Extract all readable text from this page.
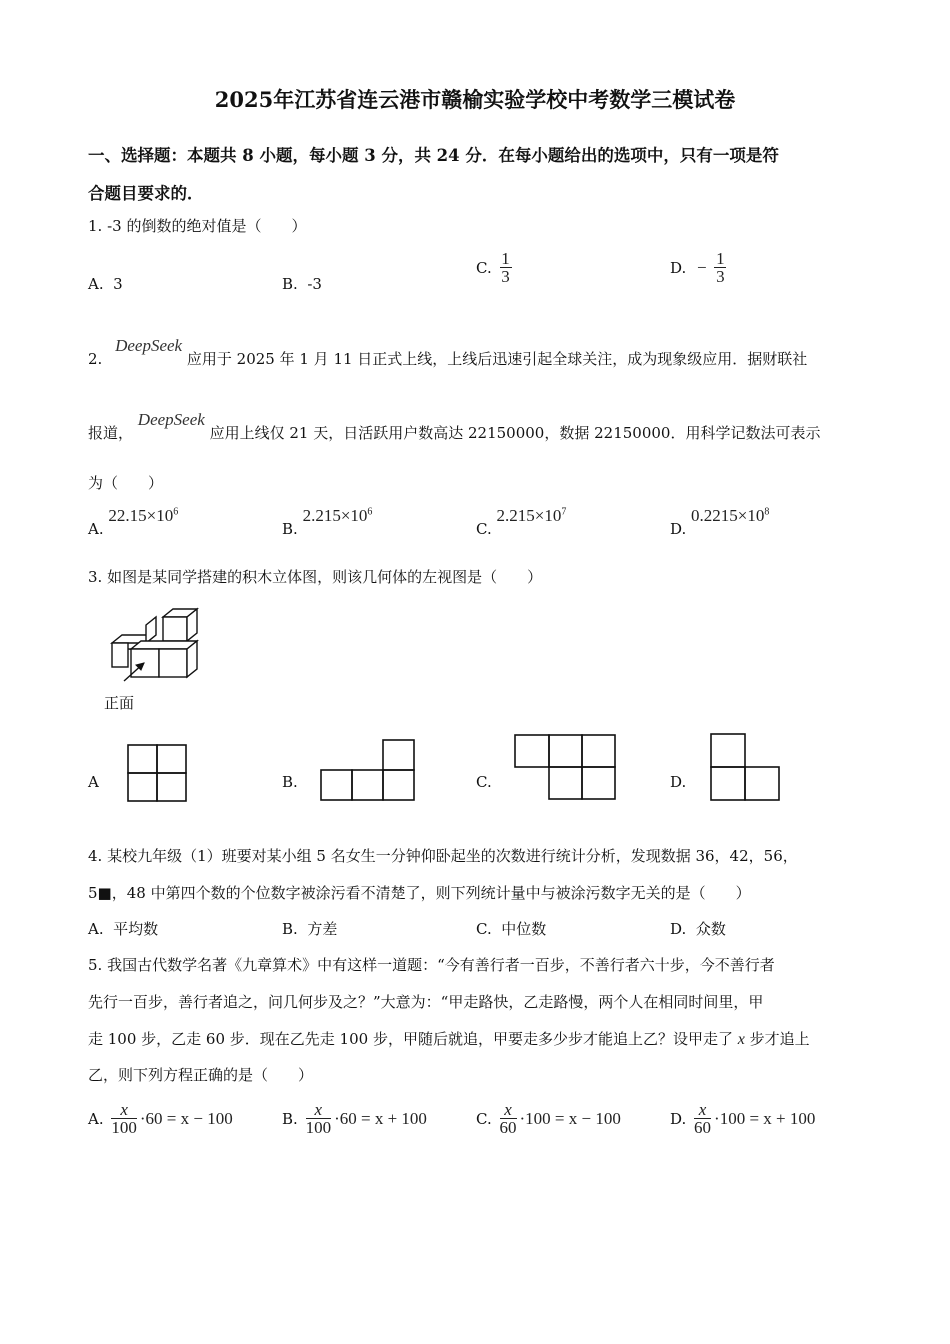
2025年江苏省连云港市赣榆实验学校中考数学三模试卷
一、选择题：本题共 8 小题，每小题 3 分，共 24 分．在每小题给出的选项中，只有一项是符
合题目要求的．
1. -3 的倒数的绝对值是（　　）
A. 3	B. -3
C. $\frac{1}{3}$	D. − $\frac{1}{3}$
2. DeepSeek 应用于 2025 年 1 月 11 日正式上线，上线后迅速引起全球关注，成为现象级应用．据财联社
报道， DeepSeek 应用上线仅 21 天，日活跃用户数高达 22150000，数据 22150000．用科学记数法可表示
为（　　）
A. $22.15\times 10^6$
B. $2.215\times 10^6$
C. $2.215\times 10^7$
D. $0.2215\times 10^8$
3. 如图是某同学搭建的积木立体图，则该几何体的左视图是（　　）
正面
A	B.	C.	D.
4. 某校九年级（1）班要对某小组 5 名女生一分钟仰卧起坐的次数进行统计分析，发现数据 36，42，56，
5■，48 中第四个数的个位数字被涂污看不清楚了，则下列统计量中与被涂污数字无关的是（　　）
A. 平均数	B. 方差	C. 中位数	D. 众数
5. 我国古代数学名著《九章算术》中有这样一道题：“今有善行者一百步，不善行者六十步，今不善行者
先行一百步，善行者追之，问几何步及之？”大意为：“甲走路快，乙走路慢，两个人在相同时间里，甲
走 100 步，乙走 60 步．现在乙先走 100 步，甲随后就追，甲要走多少步才能追上乙？设甲走了 x 步才追上
乙，则下列方程正确的是（　　）
A. $\frac{x}{100} \cdot 60 = x - 100$	B. $\frac{x}{100} \cdot 60 = x + 100$	C. $\frac{x}{60} \cdot 100 = x - 100$	D. $\frac{x}{60} \cdot 100 = x + 100$
